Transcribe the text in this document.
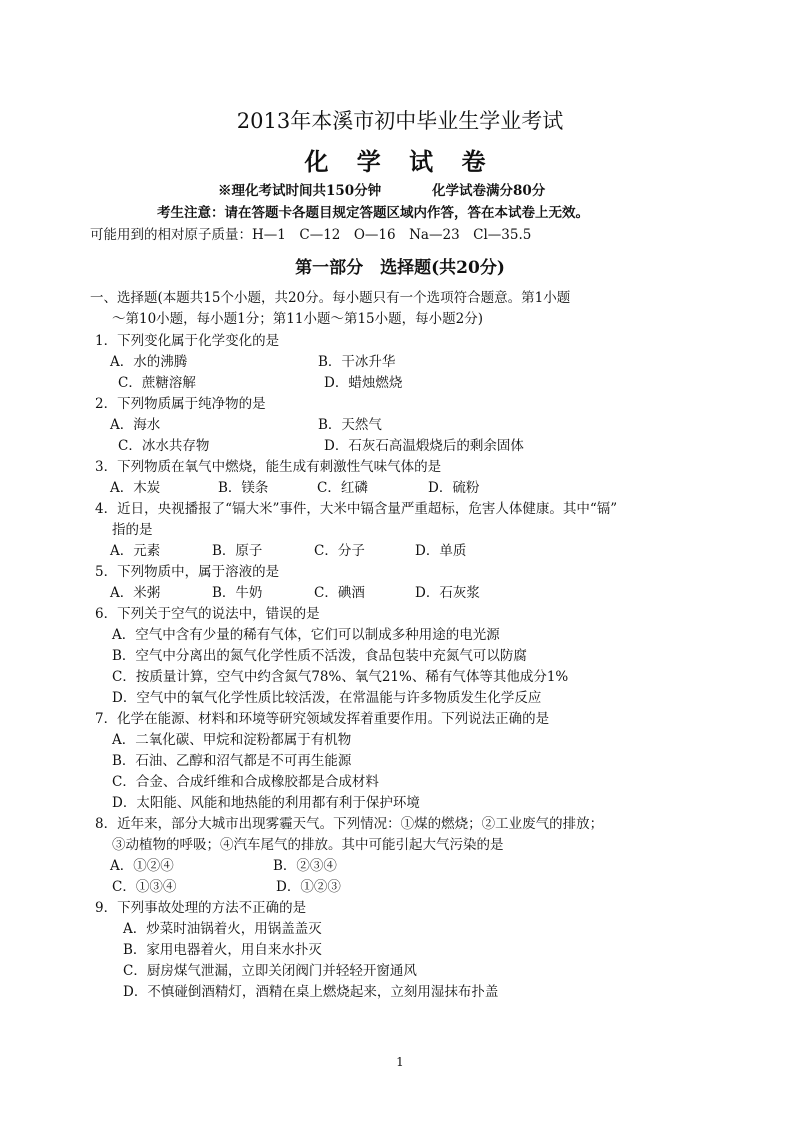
2013年本溪市初中毕业生学业考试
化 学 试 卷
※理化考试时间共150分钟	化学试卷满分80分
考生注意：请在答题卡各题目规定答题区域内作答，答在本试卷上无效。
可能用到的相对原子质量：H—1　C—12　O—16　Na—23　Cl—35.5
第一部分　选择题(共20分)
一、选择题(本题共15个小题，共20分。每小题只有一个选项符合题意。第1小题
～第10小题，每小题1分；第11小题～第15小题，每小题2分)
1．下列变化属于化学变化的是
A．水的沸腾	B．干冰升华
C．蔗糖溶解	D．蜡烛燃烧
2．下列物质属于纯净物的是
A．海水	B．天然气
C．冰水共存物	D．石灰石高温煅烧后的剩余固体
3．下列物质在氧气中燃烧，能生成有刺激性气味气体的是
A．木炭	B．镁条	C．红磷	D．硫粉
4．近日，央视播报了“镉大米”事件，大米中镉含量严重超标，危害人体健康。其中“镉”
指的是
A．元素	B．原子	C．分子	D．单质
5．下列物质中，属于溶液的是
A．米粥	B．牛奶	C．碘酒	D．石灰浆
6．下列关于空气的说法中，错误的是
A．空气中含有少量的稀有气体，它们可以制成多种用途的电光源
B．空气中分离出的氮气化学性质不活泼，食品包装中充氮气可以防腐
C．按质量计算，空气中约含氮气78%、氧气21%、稀有气体等其他成分1%
D．空气中的氧气化学性质比较活泼，在常温能与许多物质发生化学反应
7．化学在能源、材料和环境等研究领域发挥着重要作用。下列说法正确的是
A．二氧化碳、甲烷和淀粉都属于有机物
B．石油、乙醇和沼气都是不可再生能源
C．合金、合成纤维和合成橡胶都是合成材料
D．太阳能、风能和地热能的利用都有利于保护环境
8．近年来，部分大城市出现雾霾天气。下列情况：①煤的燃烧；②工业废气的排放；
③动植物的呼吸；④汽车尾气的排放。其中可能引起大气污染的是
A．①②④	B．②③④
C．①③④	D．①②③
9．下列事故处理的方法不正确的是
A．炒菜时油锅着火，用锅盖盖灭
B．家用电器着火，用自来水扑灭
C．厨房煤气泄漏，立即关闭阀门并轻轻开窗通风
D．不慎碰倒酒精灯，酒精在桌上燃烧起来，立刻用湿抹布扑盖
1
